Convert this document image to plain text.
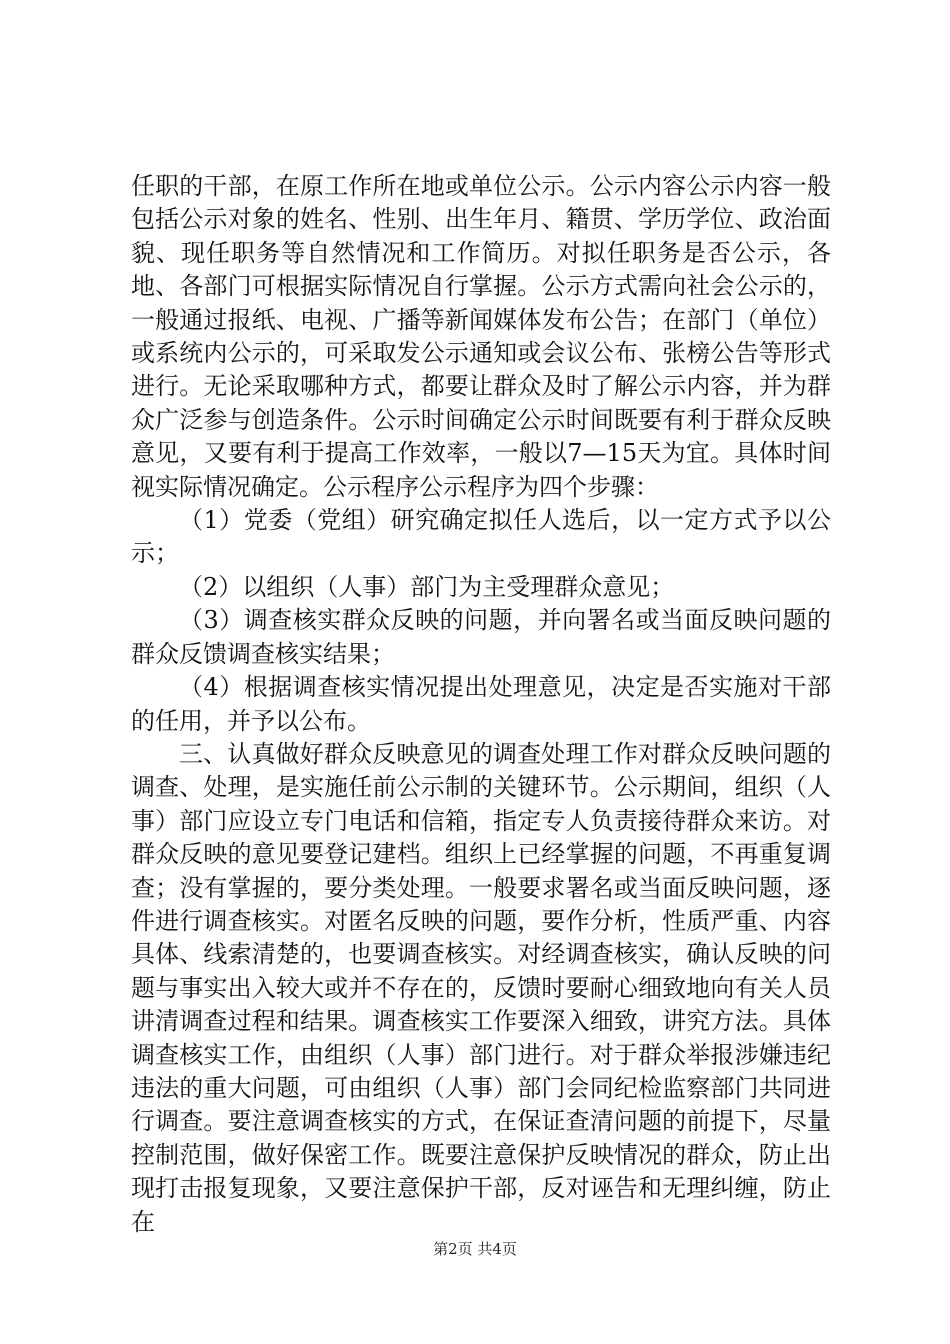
任职的干部，在原工作所在地或单位公示。公示内容公示内容一般包括公示对象的姓名、性别、出生年月、籍贯、学历学位、政治面貌、现任职务等自然情况和工作简历。对拟任职务是否公示，各地、各部门可根据实际情况自行掌握。公示方式需向社会公示的，一般通过报纸、电视、广播等新闻媒体发布公告；在部门（单位）或系统内公示的，可采取发公示通知或会议公布、张榜公告等形式进行。无论采取哪种方式，都要让群众及时了解公示内容，并为群众广泛参与创造条件。公示时间确定公示时间既要有利于群众反映意见，又要有利于提高工作效率，一般以7—15天为宜。具体时间视实际情况确定。公示程序公示程序为四个步骤：

（1）党委（党组）研究确定拟任人选后，以一定方式予以公示；

（2）以组织（人事）部门为主受理群众意见；

（3）调查核实群众反映的问题，并向署名或当面反映问题的群众反馈调查核实结果；

（4）根据调查核实情况提出处理意见，决定是否实施对干部的任用，并予以公布。

三、认真做好群众反映意见的调查处理工作对群众反映问题的调查、处理，是实施任前公示制的关键环节。公示期间，组织（人事）部门应设立专门电话和信箱，指定专人负责接待群众来访。对群众反映的意见要登记建档。组织上已经掌握的问题，不再重复调查；没有掌握的，要分类处理。一般要求署名或当面反映问题，逐件进行调查核实。对匿名反映的问题，要作分析，性质严重、内容具体、线索清楚的，也要调查核实。对经调查核实，确认反映的问题与事实出入较大或并不存在的，反馈时要耐心细致地向有关人员讲清调查过程和结果。调查核实工作要深入细致，讲究方法。具体调查核实工作，由组织（人事）部门进行。对于群众举报涉嫌违纪违法的重大问题，可由组织（人事）部门会同纪检监察部门共同进行调查。要注意调查核实的方式，在保证查清问题的前提下，尽量控制范围，做好保密工作。既要注意保护反映情况的群众，防止出现打击报复现象，又要注意保护干部，反对诬告和无理纠缠，防止在

第2页 共4页
